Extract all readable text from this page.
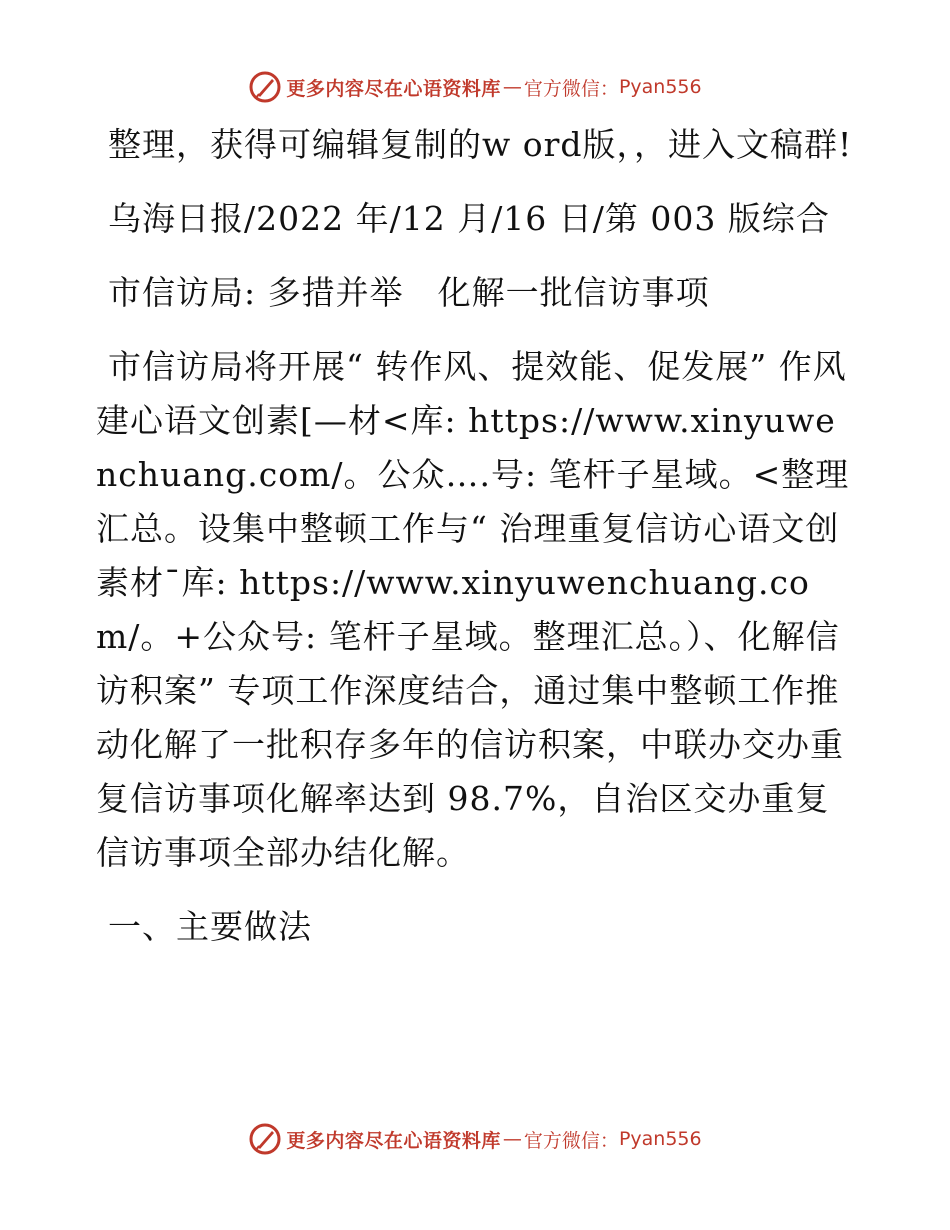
更多内容尽在心语资料库 — 官方微信： Pyan556

整理，获得可编辑复制的w ord版，，进入文稿群!

乌海日报/2022 年/12 月/16 日/第 003 版综合

市信访局: 多措并举　化解一批信访事项

市信访局将开展“ 转作风、提效能、促发展” 作风建心语文创素[—材<库: https://www.xinyuwenchuang.com/。公众….号: 笔杆子星域。<整理汇总。设集中整顿工作与“ 治理重复信访心语文创素材¯库: https://www.xinyuwenchuang.com/。+公众号: 笔杆子星域。整理汇总。）、化解信访积案” 专项工作深度结合，通过集中整顿工作推动化解了一批积存多年的信访积案，中联办交办重复信访事项化解率达到 98.7%，自治区交办重复信访事项全部办结化解。

一、主要做法

更多内容尽在心语资料库 — 官方微信： Pyan556
